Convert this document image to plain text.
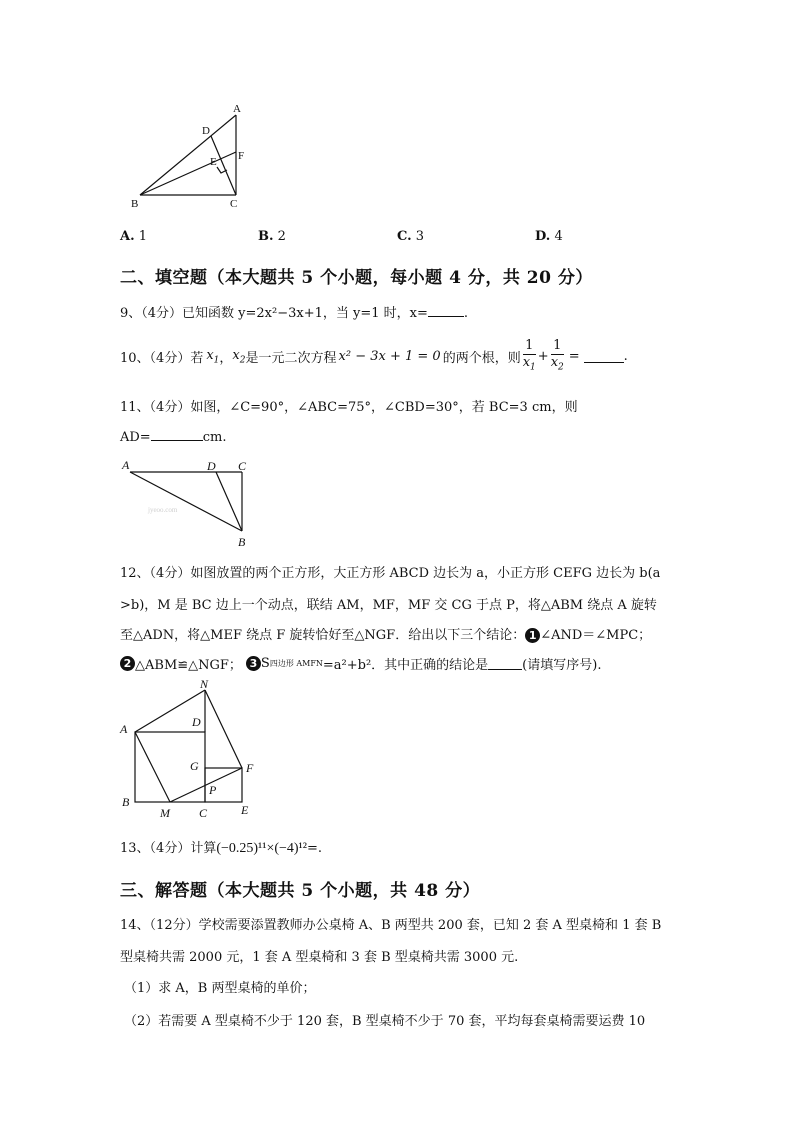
A
B	C
D
E F
A. 1	B. 2	C. 3	D. 4
二、填空题（本大题共 5 个小题，每小题 4 分，共 20 分）
9、（4分）已知函数 y=2x²−3x+1，当 y=1 时，x=	.
10、（4分）若 $x_1$ ， $x_2$ 是一元二次方程 x² − 3x + 1 = 0 的两个根，则 $\frac{1}{x_1} + \frac{1}{x_2}$ =	.
11、（4分）如图，∠C=90°，∠ABC=75°，∠CBD=30°，若 BC=3 cm，则
AD=	cm.
A	D C
B
jyeoo.com
12、（4分）如图放置的两个正方形，大正方形 ABCD 边长为 a，小正方形 CEFG 边长为 b(a
>b)，M 是 BC 边上一个动点，联结 AM，MF，MF 交 CG 于点 P，将△ABM 绕点 A 旋转
至△ADN，将△MEF 绕点 F 旋转恰好至△NGF．给出以下三个结论： 1 ∠AND＝∠MPC；
2 △ABM≌△NGF； 3 S 四边形 AMFN =a²+b²．其中正确的结论是	(请填写序号).
N
A	D
G	F
P
B
M C	E
13、（4分）计算(−0.25)¹¹×(−4)¹²=.
三、解答题（本大题共 5 个小题，共 48 分）
14、（12分）学校需要添置教师办公桌椅 A、B 两型共 200 套，已知 2 套 A 型桌椅和 1 套 B
型桌椅共需 2000 元，1 套 A 型桌椅和 3 套 B 型桌椅共需 3000 元.
（1）求 A，B 两型桌椅的单价；
（2）若需要 A 型桌椅不少于 120 套，B 型桌椅不少于 70 套，平均每套桌椅需要运费 10
